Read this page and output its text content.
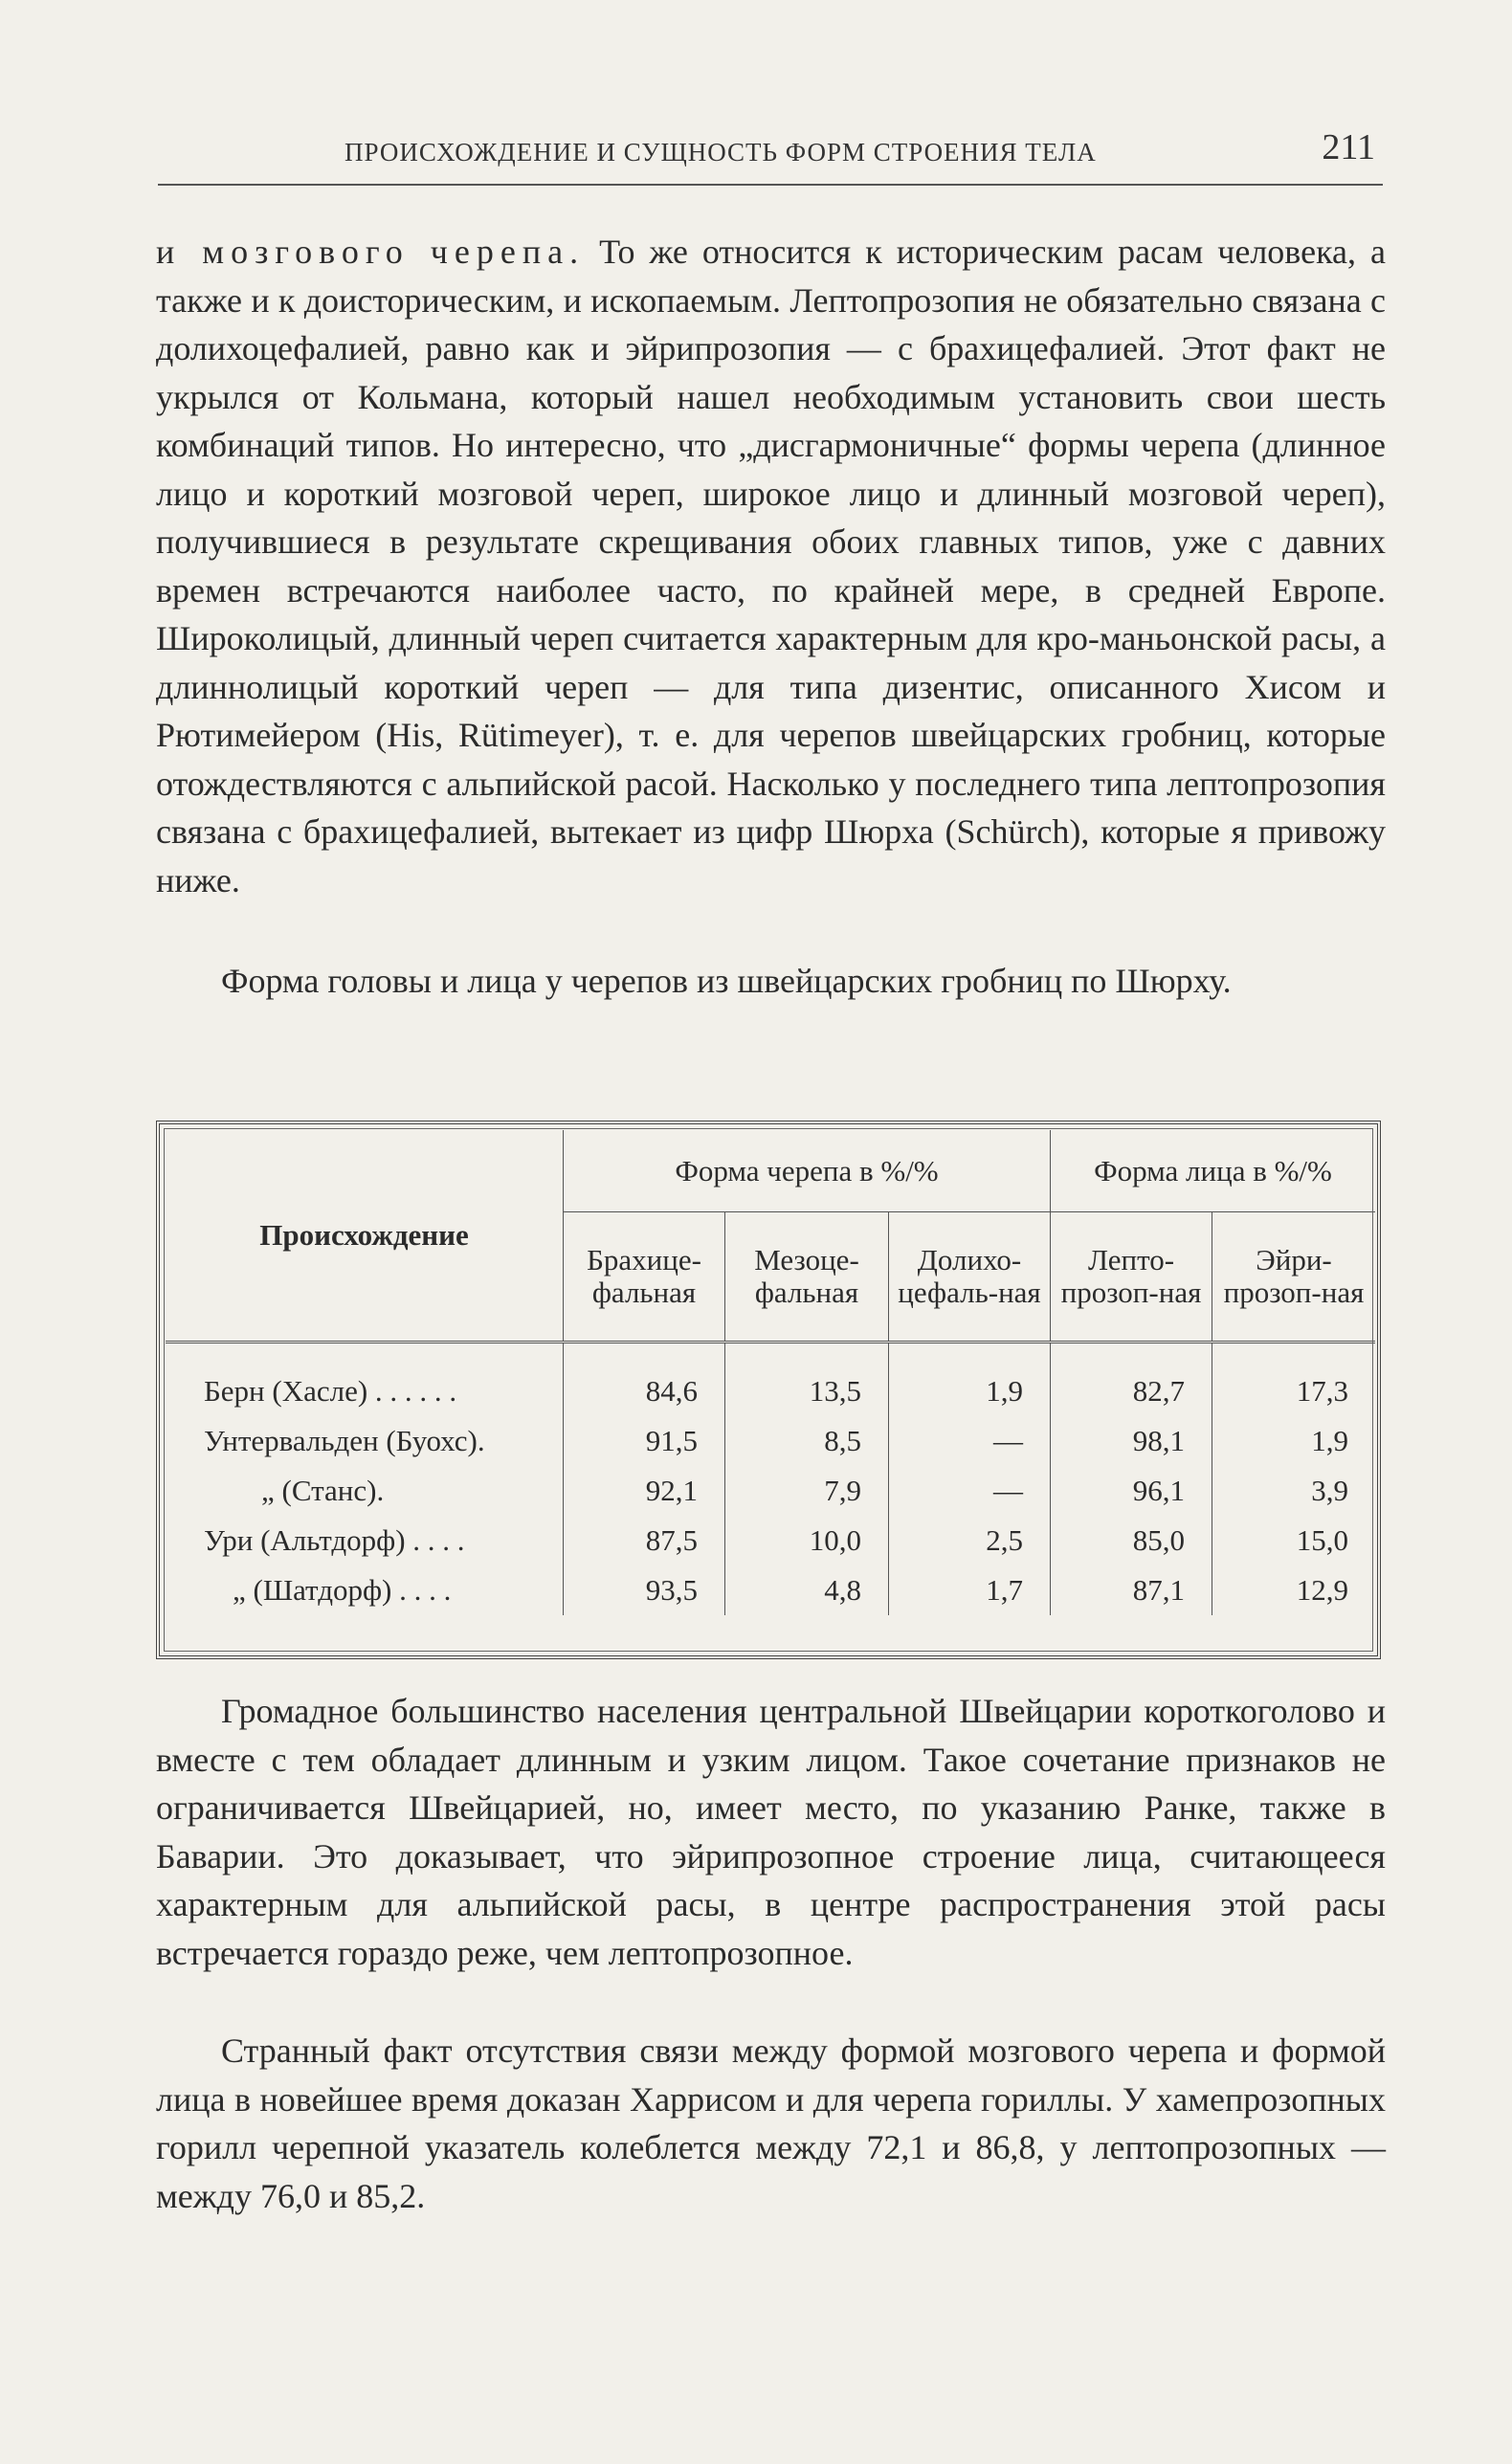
ПРОИСХОЖДЕНИЕ И СУЩНОСТЬ ФОРМ СТРОЕНИЯ ТЕЛА	211

и мозгового черепа. То же относится к историческим расам человека, а также и к доисторическим, и ископаемым. Лептопрозопия не обязательно связана с долихоцефалией, равно как и эйрипрозопия — с брахицефалией. Этот факт не укрылся от Кольмана, который нашел необходимым установить свои шесть комбинаций типов. Но интересно, что „дисгармоничные“ формы черепа (длинное лицо и короткий мозговой череп, широкое лицо и длинный мозговой череп), получившиеся в результате скрещивания обоих главных типов, уже с давних времен встречаются наиболее часто, по крайней мере, в средней Европе. Широколицый, длинный череп считается характерным для кро-маньонской расы, а длиннолицый короткий череп — для типа дизентис, описанного Хисом и Рютимейером (His, Rütimeyer), т. е. для черепов швейцарских гробниц, которые отождествляются с альпийской расой. Насколько у последнего типа лептопрозопия связана с брахицефалией, вытекает из цифр Шюрха (Schürch), которые я привожу ниже.

Форма головы и лица у черепов из швейцарских гробниц по Шюрху.

Происхождение	Форма черепа в %/%			Форма лица в %/%	
	Брахице-фальная	Мезоце-фальная	Долихо-цефаль-ная	Лепто-прозоп-ная	Эйри-прозоп-ная
Берн (Хасле) . . . . . .	84,6	13,5	1,9	82,7	17,3
Унтервальден (Буохс).	91,5	8,5	—	98,1	1,9
„ (Станс).	92,1	7,9	—	96,1	3,9
Ури (Альтдорф) . . . .	87,5	10,0	2,5	85,0	15,0
„ (Шатдорф) . . . .	93,5	4,8	1,7	87,1	12,9

Громадное большинство населения центральной Швейцарии короткоголово и вместе с тем обладает длинным и узким лицом. Такое сочетание признаков не ограничивается Швейцарией, но, имеет место, по указанию Ранке, также в Баварии. Это доказывает, что эйрипрозопное строение лица, считающееся характерным для альпийской расы, в центре распространения этой расы встречается гораздо реже, чем лептопрозопное.

Странный факт отсутствия связи между формой мозгового черепа и формой лица в новейшее время доказан Харрисом и для черепа гориллы. У хамепрозопных горилл черепной указатель колеблется между 72,1 и 86,8, у лептопрозопных — между 76,0 и 85,2.
